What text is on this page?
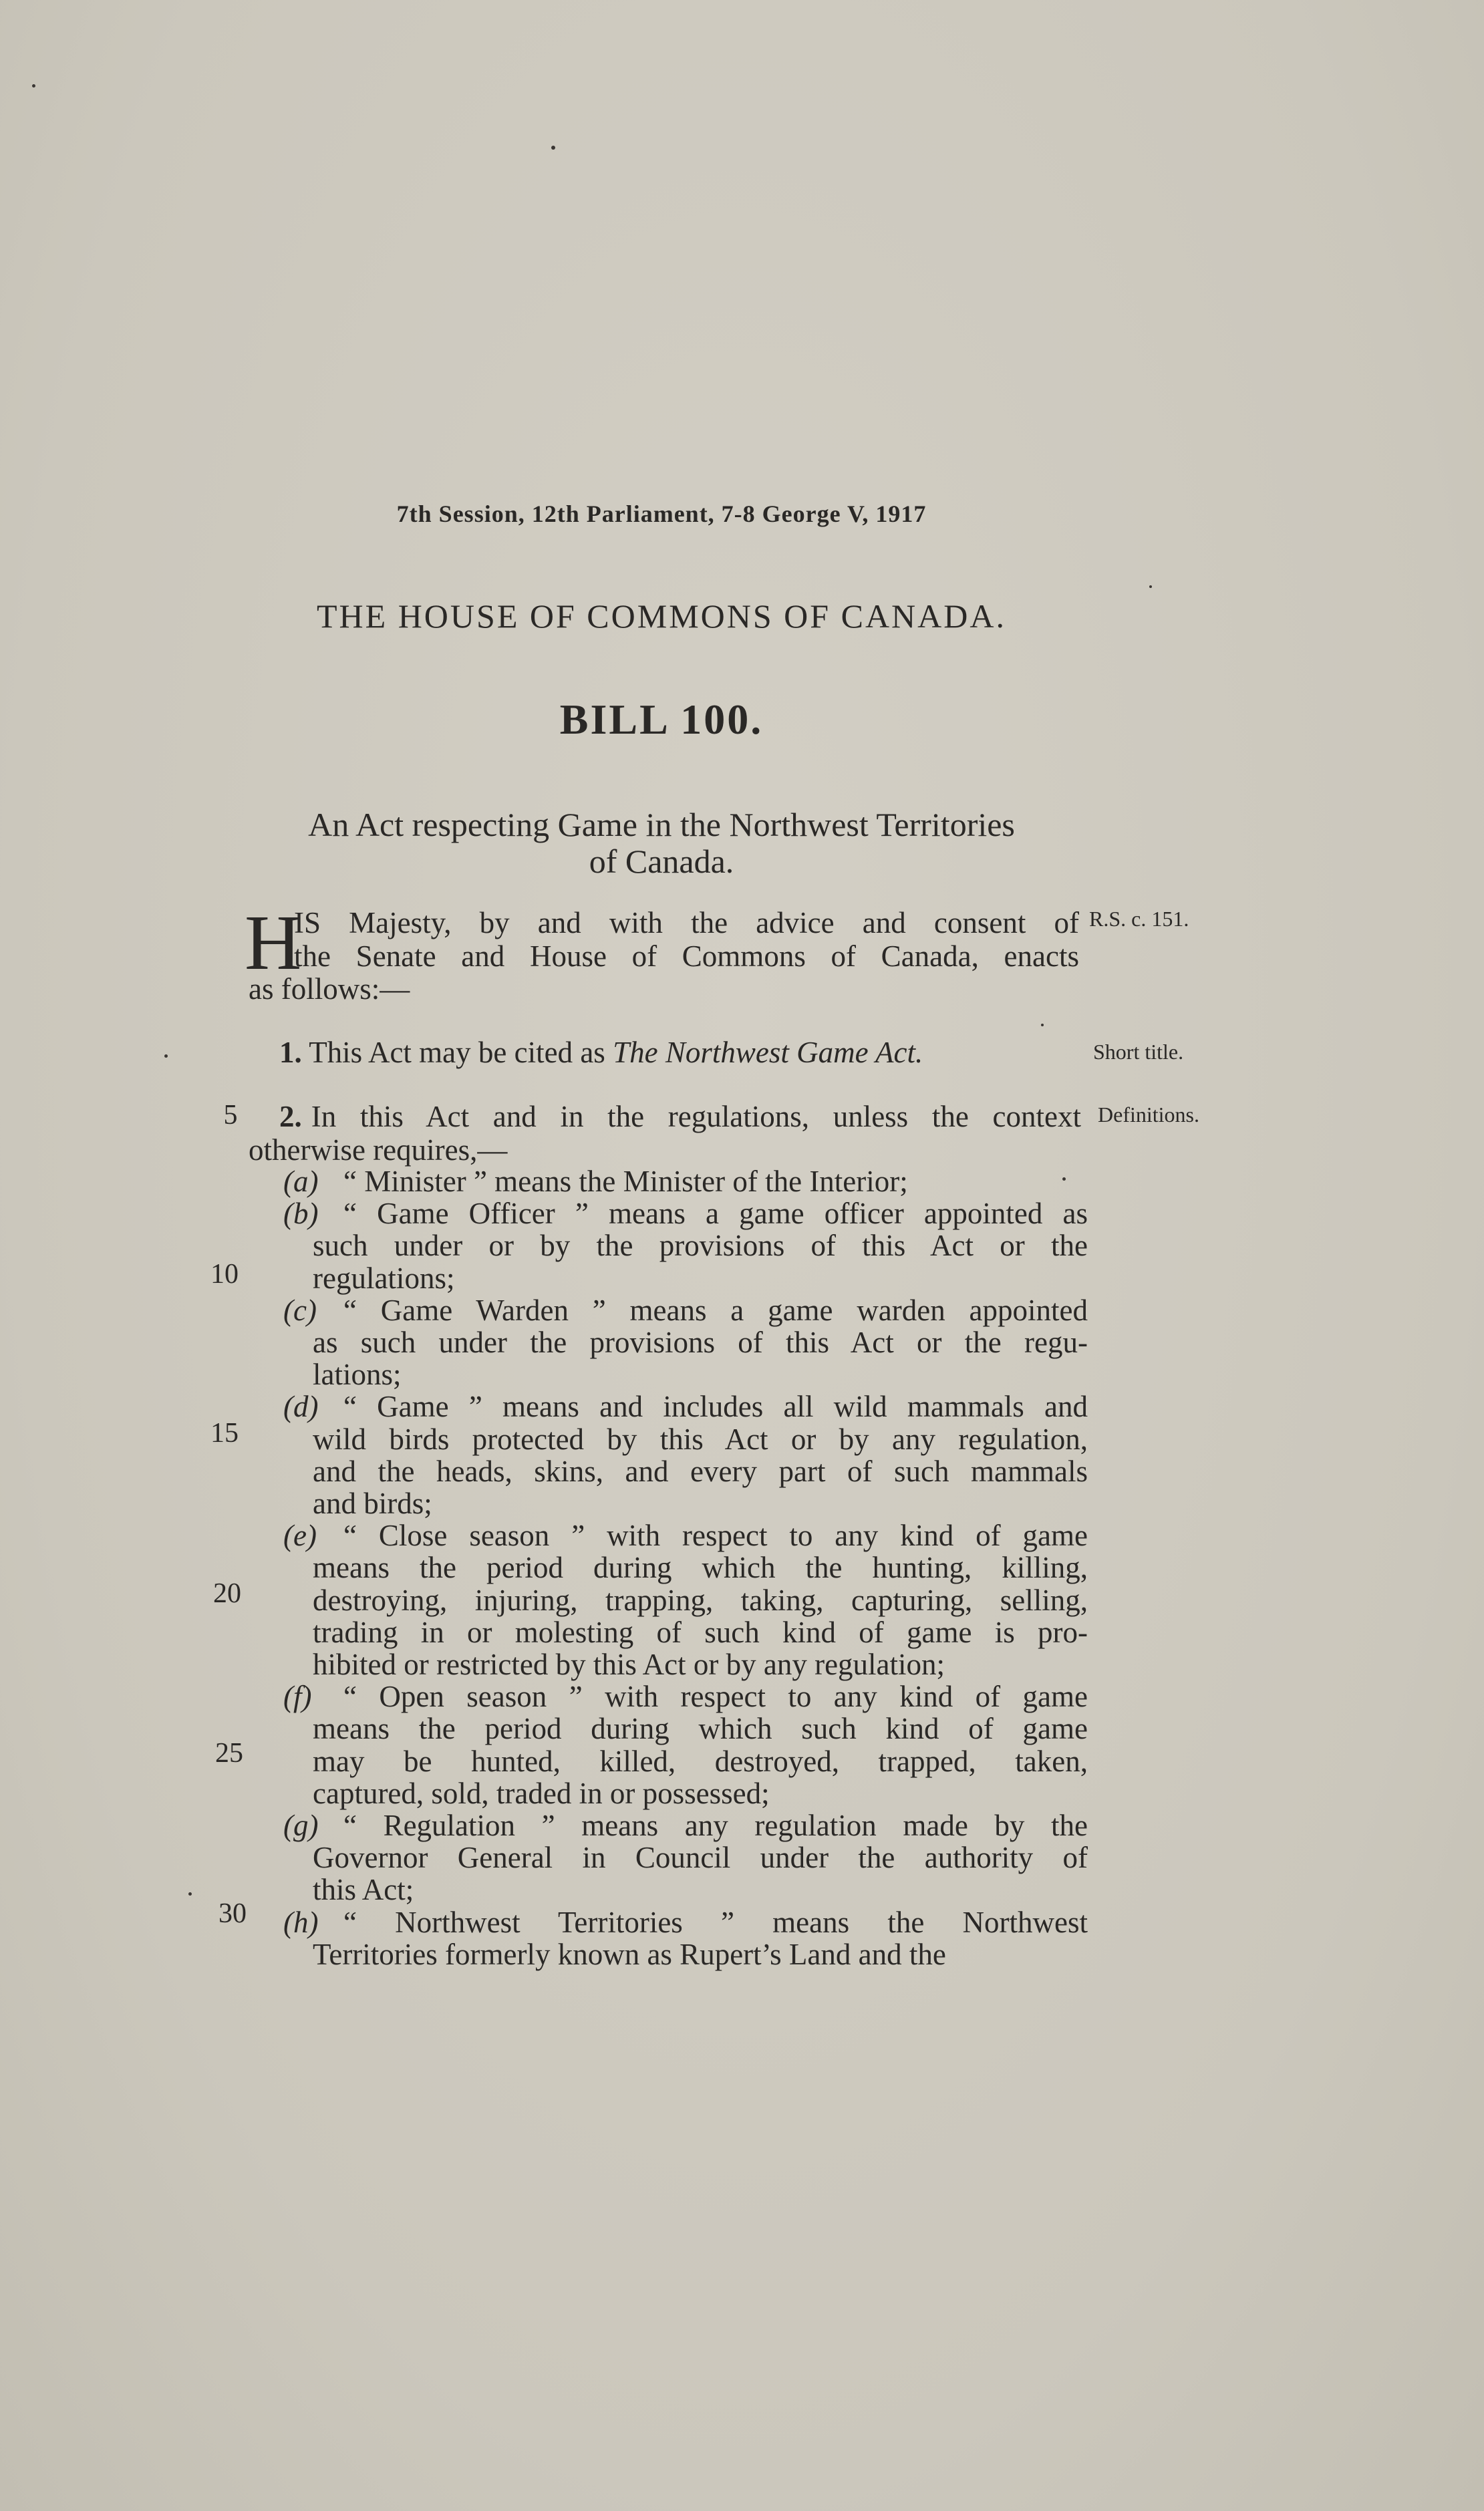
7th Session, 12th Parliament, 7-8 George V, 1917
THE HOUSE OF COMMONS OF CANADA.
BILL 100.
An Act respecting Game in the Northwest Territories
of Canada.
H
IS Majesty, by and with the advice and consent of
the Senate and House of Commons of Canada, enacts
as follows:—
1. This Act may be cited as The Northwest Game Act.
2. In this Act and in the regulations, unless the context
otherwise requires,—
(a) “ Minister ” means the Minister of the Interior;
(b) “ Game Officer ” means a game officer appointed as
such under or by the provisions of this Act or the
regulations;
(c) “ Game Warden ” means a game warden appointed
as such under the provisions of this Act or the regu-
lations;
(d) “ Game ” means and includes all wild mammals and
wild birds protected by this Act or by any regulation,
and the heads, skins, and every part of such mammals
and birds;
(e) “ Close season ” with respect to any kind of game
means the period during which the hunting, killing,
destroying, injuring, trapping, taking, capturing, selling,
trading in or molesting of such kind of game is pro-
hibited or restricted by this Act or by any regulation;
(f) “ Open season ” with respect to any kind of game
means the period during which such kind of game
may be hunted, killed, destroyed, trapped, taken,
captured, sold, traded in or possessed;
(g) “ Regulation ” means any regulation made by the
Governor General in Council under the authority of
this Act;
(h) “ Northwest Territories ” means the Northwest
Territories formerly known as Rupert’s Land and the
R.S. c. 151.
Short title.
Definitions.
5
10
15
20
25
30
